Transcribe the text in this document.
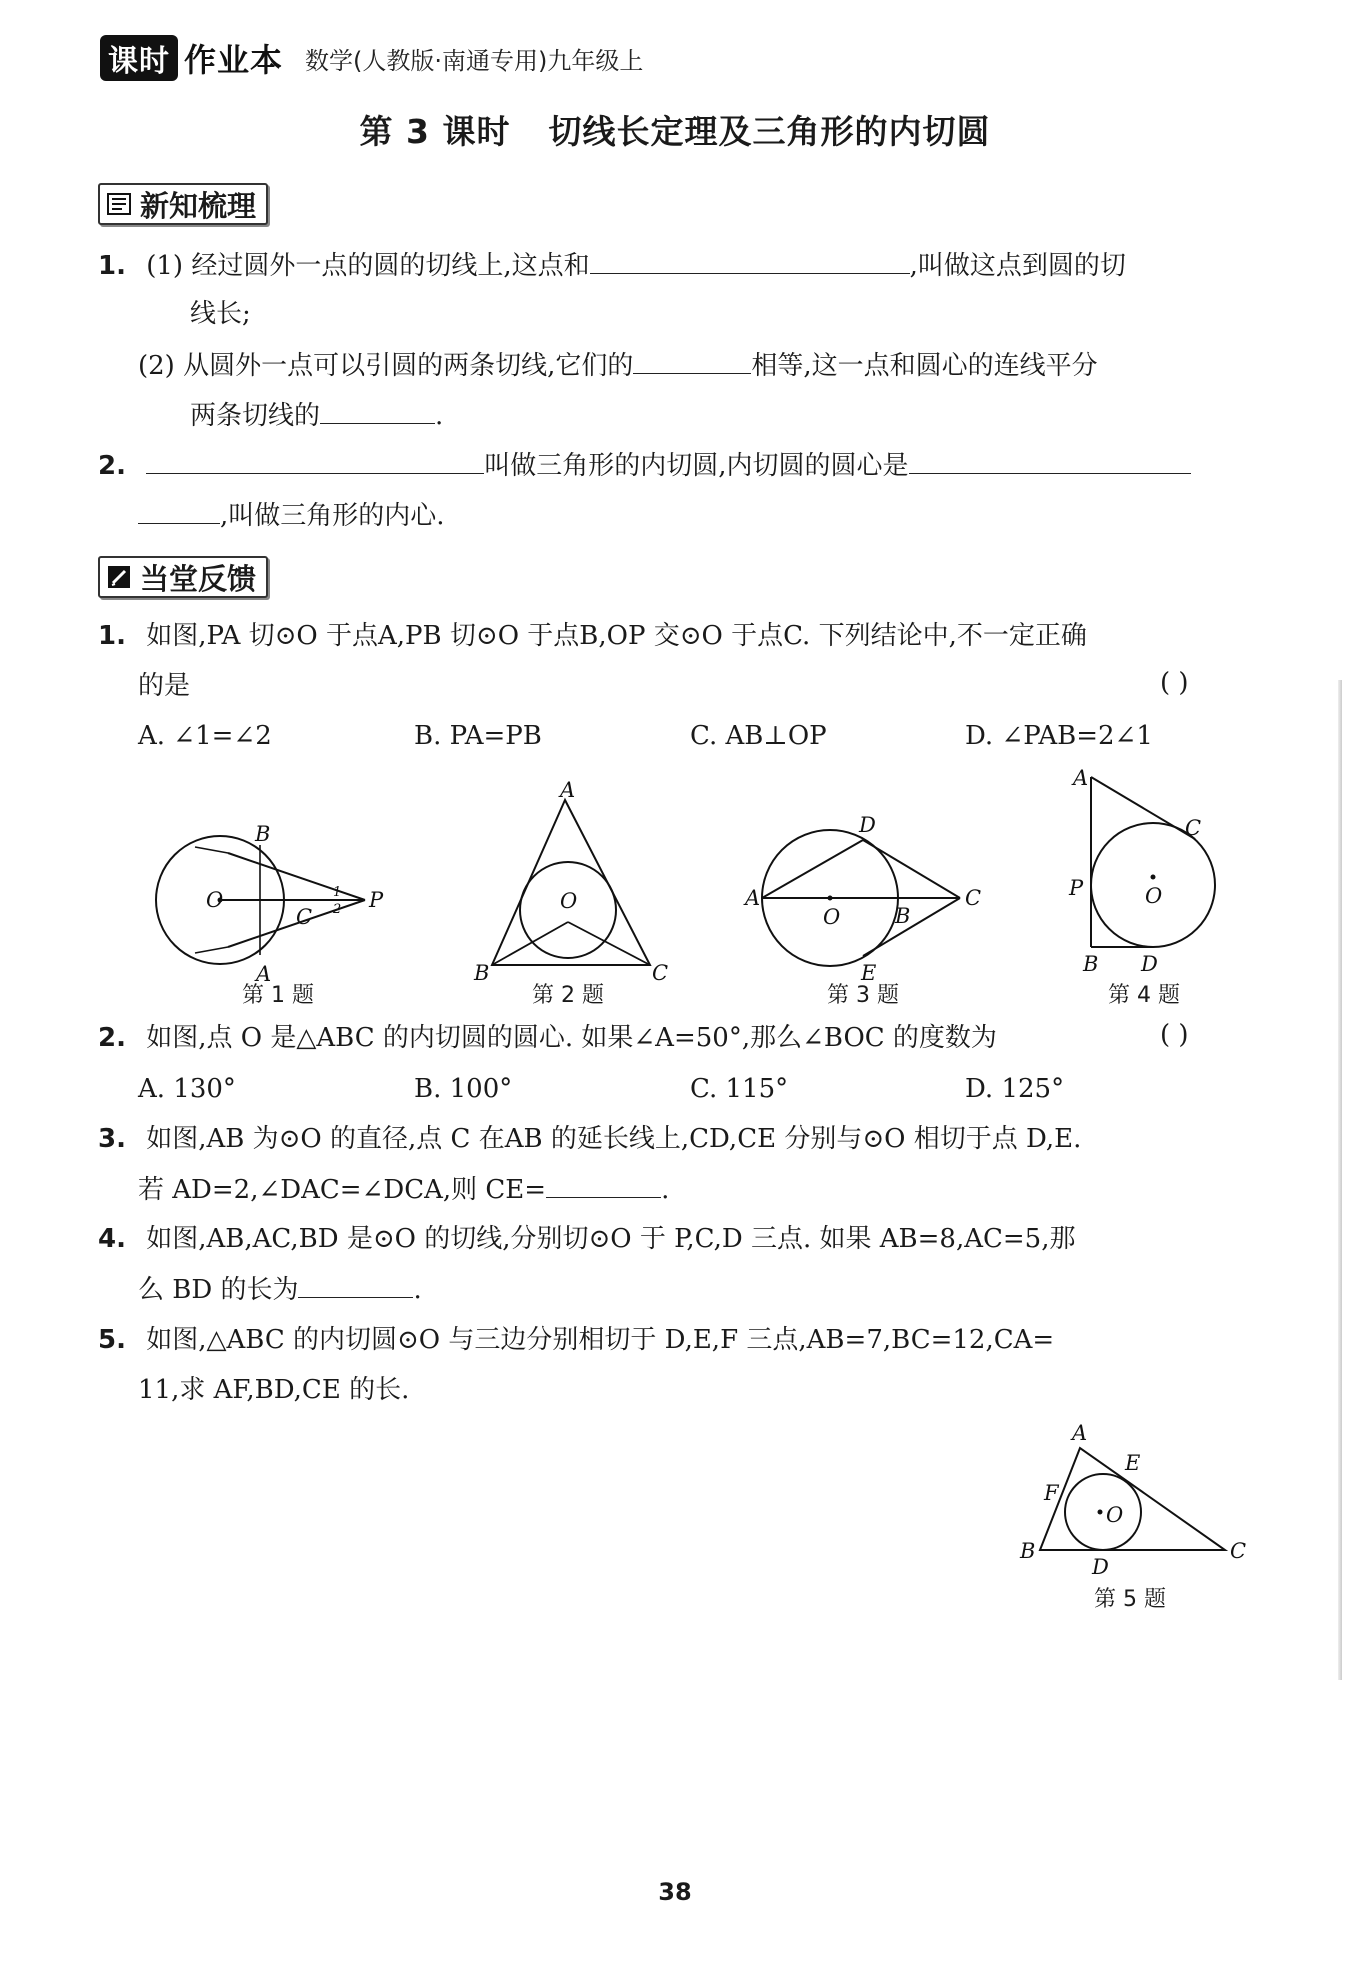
课时 作业本 数学(人教版·南通专用)九年级上
第 3 课时 切线长定理及三角形的内切圆
新知梳理
1. (1) 经过圆外一点的圆的切线上,这点和	,叫做这点到圆的切
线长;
(2) 从圆外一点可以引圆的两条切线,它们的	相等,这一点和圆心的连线平分
两条切线的	.
2.	叫做三角形的内切圆,内切圆的圆心是
,叫做三角形的内心.
当堂反馈
1. 如图,PA 切⊙O 于点A,PB 切⊙O 于点B,OP 交⊙O 于点C. 下列结论中,不一定正确
的是	( )
A. ∠1=∠2	B. PA=PB	C. AB⊥OP	D. ∠PAB=2∠1
B
A
O
C
P
1
2
第 1 题
A
B	C
O
第 2 题
A
O	B
C
D
E
第 3 题
A
C
P	O
B D
第 4 题
2. 如图,点 O 是△ABC 的内切圆的圆心. 如果∠A=50°,那么∠BOC 的度数为	( )
A. 130°	B. 100°	C. 115°	D. 125°
3. 如图,AB 为⊙O 的直径,点 C 在AB 的延长线上,CD,CE 分别与⊙O 相切于点 D,E.
若 AD=2,∠DAC=∠DCA,则 CE=	.
4. 如图,AB,AC,BD 是⊙O 的切线,分别切⊙O 于 P,C,D 三点. 如果 AB=8,AC=5,那
么 BD 的长为	.
5. 如图,△ABC 的内切圆⊙O 与三边分别相切于 D,E,F 三点,AB=7,BC=12,CA=
11,求 AF,BD,CE 的长.
A
E
F
O
B
D
C
第 5 题
38
